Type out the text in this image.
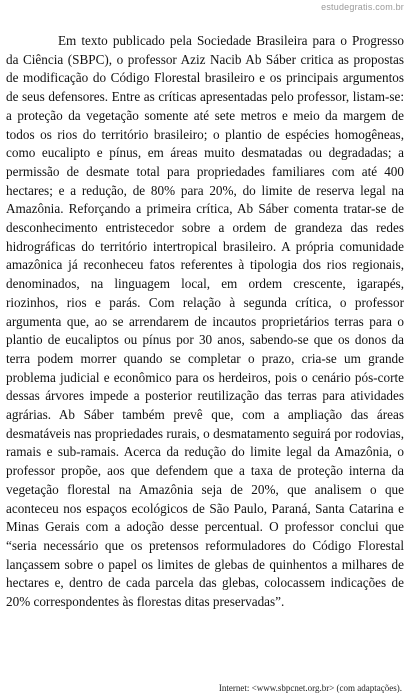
estudegratis.com.br

Em texto publicado pela Sociedade Brasileira para o Progresso da Ciência (SBPC), o professor Aziz Nacib Ab Sáber critica as propostas de modificação do Código Florestal brasileiro e os principais argumentos de seus defensores. Entre as críticas apresentadas pelo professor, listam-se: a proteção da vegetação somente até sete metros e meio da margem de todos os rios do território brasileiro; o plantio de espécies homogêneas, como eucalipto e pínus, em áreas muito desmatadas ou degradadas; a permissão de desmate total para propriedades familiares com até 400 hectares; e a redução, de 80% para 20%, do limite de reserva legal na Amazônia. Reforçando a primeira crítica, Ab Sáber comenta tratar-se de desconhecimento entristecedor sobre a ordem de grandeza das redes hidrográficas do território intertropical brasileiro. A própria comunidade amazônica já reconheceu fatos referentes à tipologia dos rios regionais, denominados, na linguagem local, em ordem crescente, igarapés, riozinhos, rios e parás. Com relação à segunda crítica, o professor argumenta que, ao se arrendarem de incautos proprietários terras para o plantio de eucaliptos ou pínus por 30 anos, sabendo-se que os donos da terra podem morrer quando se completar o prazo, cria-se um grande problema judicial e econômico para os herdeiros, pois o cenário pós-corte dessas árvores impede a posterior reutilização das terras para atividades agrárias. Ab Sáber também prevê que, com a ampliação das áreas desmatáveis nas propriedades rurais, o desmatamento seguirá por rodovias, ramais e sub-ramais. Acerca da redução do limite legal da Amazônia, o professor propõe, aos que defendem que a taxa de proteção interna da vegetação florestal na Amazônia seja de 20%, que analisem o que aconteceu nos espaços ecológicos de São Paulo, Paraná, Santa Catarina e Minas Gerais com a adoção desse percentual. O professor conclui que “seria necessário que os pretensos reformuladores do Código Florestal lançassem sobre o papel os limites de glebas de quinhentos a milhares de hectares e, dentro de cada parcela das glebas, colocassem indicações de 20% correspondentes às florestas ditas preservadas”.

Internet: <www.sbpcnet.org.br> (com adaptações).
